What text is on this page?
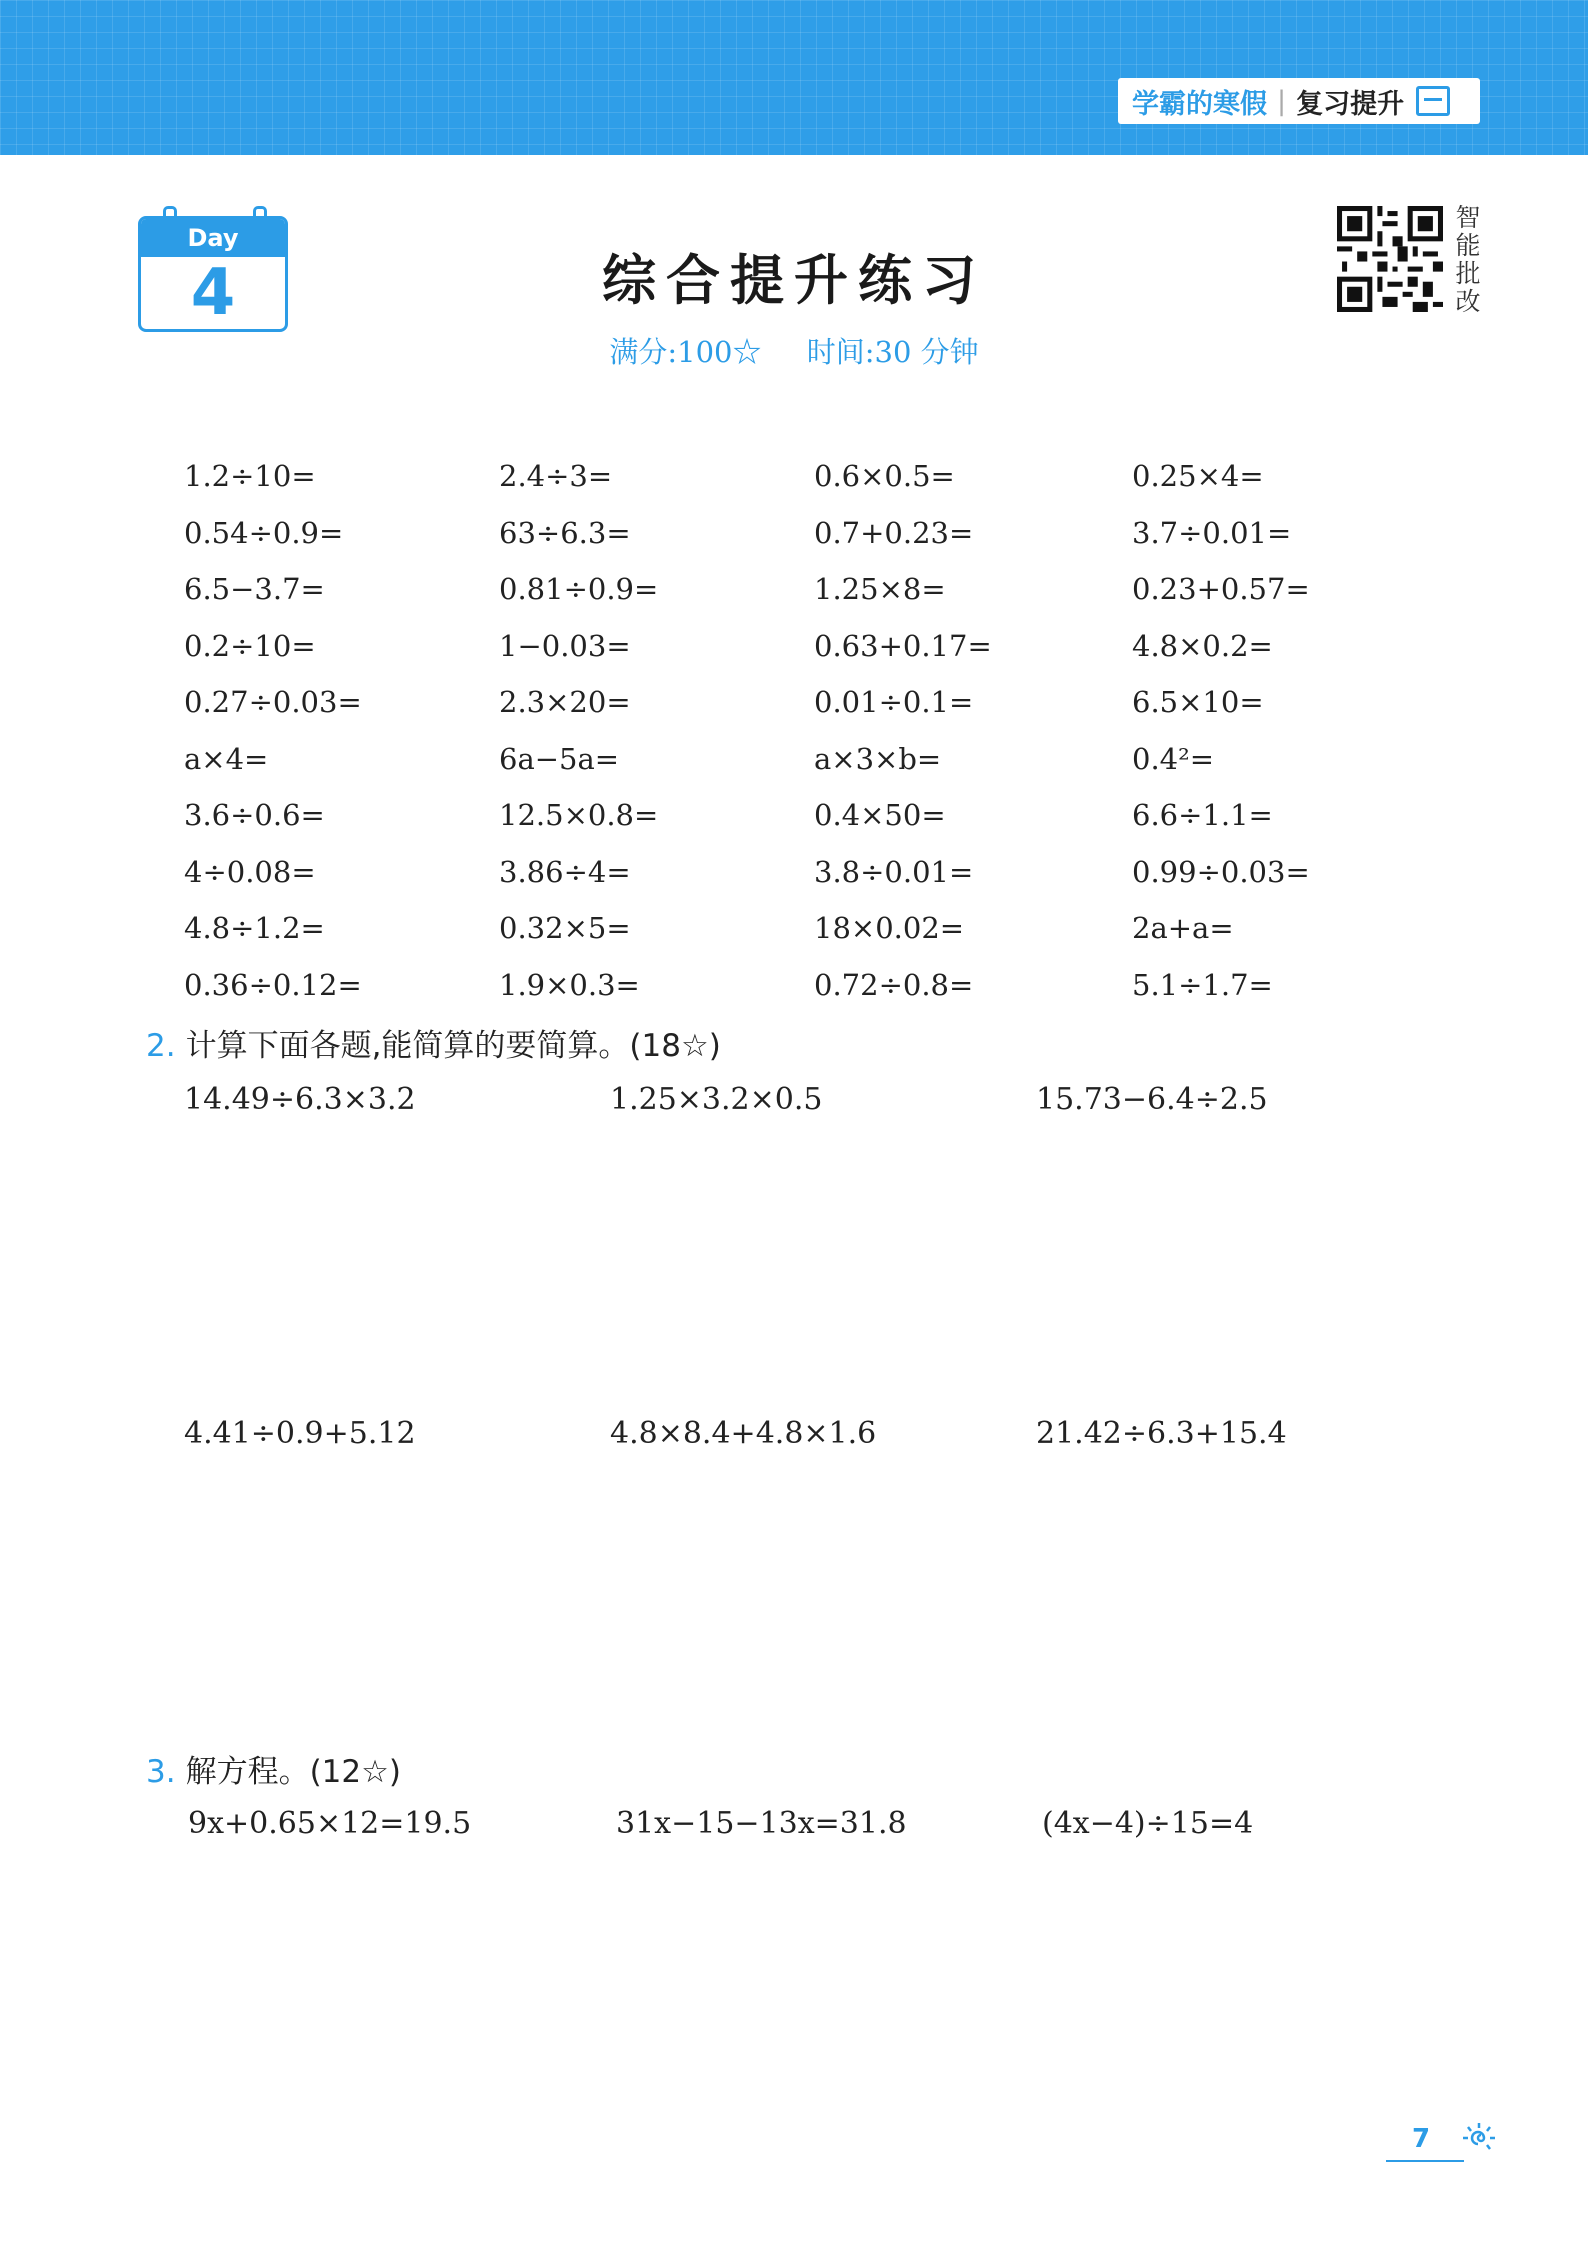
学霸的寒假 | 复习提升
Day
4	综合提升练习
满分:100☆ 时间:30 分钟
智
能
批
改
1.2÷10=	2.4÷3=	0.6×0.5=	0.25×4=
0.54÷0.9=	63÷6.3=	0.7+0.23=	3.7÷0.01=
6.5−3.7=	0.81÷0.9=	1.25×8=	0.23+0.57=
0.2÷10=	1−0.03=	0.63+0.17=	4.8×0.2=
0.27÷0.03=	2.3×20=	0.01÷0.1=	6.5×10=
a×4=	6a−5a=	a×3×b=	0.4²=
3.6÷0.6=	12.5×0.8=	0.4×50=	6.6÷1.1=
4÷0.08=	3.86÷4=	3.8÷0.01=	0.99÷0.03=
4.8÷1.2=	0.32×5=	18×0.02=	2a+a=
0.36÷0.12=	1.9×0.3=	0.72÷0.8=	5.1÷1.7=
2. 计算下面各题,能简算的要简算。(18☆)
14.49÷6.3×3.2	1.25×3.2×0.5	15.73−6.4÷2.5
4.41÷0.9+5.12	4.8×8.4+4.8×1.6	21.42÷6.3+15.4
3. 解方程。(12☆)
9x+0.65×12=19.5	31x−15−13x=31.8	(4x−4)÷15=4
7
